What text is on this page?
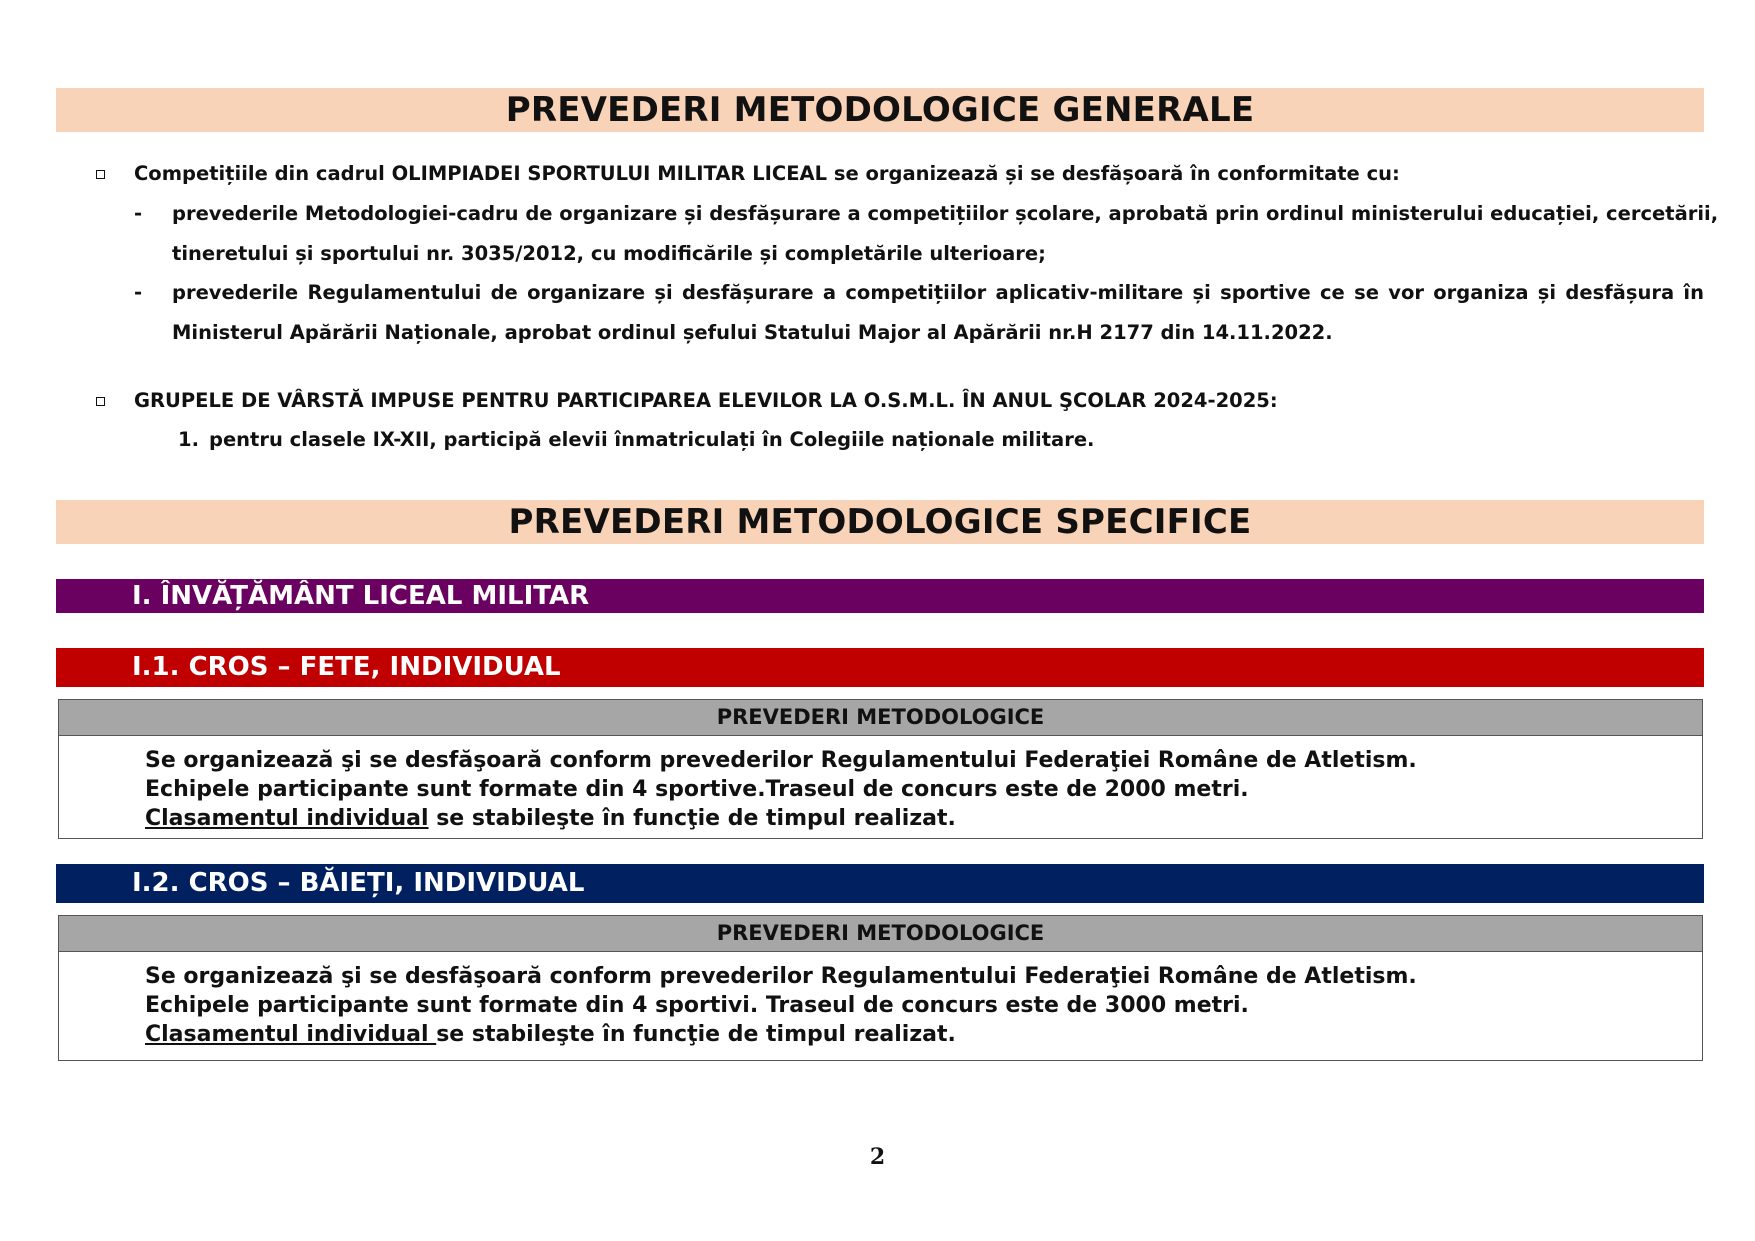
PREVEDERI METODOLOGICE GENERALE
Competițiile din cadrul OLIMPIADEI SPORTULUI MILITAR LICEAL se organizează și se desfășoară în conformitate cu:
- prevederile Metodologiei-cadru de organizare și desfășurare a competițiilor școlare, aprobată prin ordinul ministerului educației, cercetării,
tineretului și sportului nr. 3035/2012, cu modificările și completările ulterioare;
- prevederile Regulamentului de organizare și desfășurare a competițiilor aplicativ-militare și sportive ce se vor organiza și desfășura în
Ministerul Apărării Naționale, aprobat ordinul șefului Statului Major al Apărării nr.H 2177 din 14.11.2022.
GRUPELE DE VÂRSTĂ IMPUSE PENTRU PARTICIPAREA ELEVILOR LA O.S.M.L. ÎN ANUL ŞCOLAR 2024-2025:
1. pentru clasele IX-XII, participă elevii înmatriculați în Colegiile naționale militare.
PREVEDERI METODOLOGICE SPECIFICE
I. ÎNVĂȚĂMÂNT LICEAL MILITAR
I.1. CROS – FETE, INDIVIDUAL
PREVEDERI METODOLOGICE

Se organizează şi se desfăşoară conform prevederilor Regulamentului Federaţiei Române de Atletism.

Echipele participante sunt formate din 4 sportive.Traseul de concurs este de 2000 metri.

Clasamentul individual se stabileşte în funcţie de timpul realizat.

I.2. CROS – BĂIEȚI, INDIVIDUAL
PREVEDERI METODOLOGICE

Se organizează şi se desfăşoară conform prevederilor Regulamentului Federaţiei Române de Atletism.

Echipele participante sunt formate din 4 sportivi. Traseul de concurs este de 3000 metri.

Clasamentul individual se stabileşte în funcţie de timpul realizat.

2
